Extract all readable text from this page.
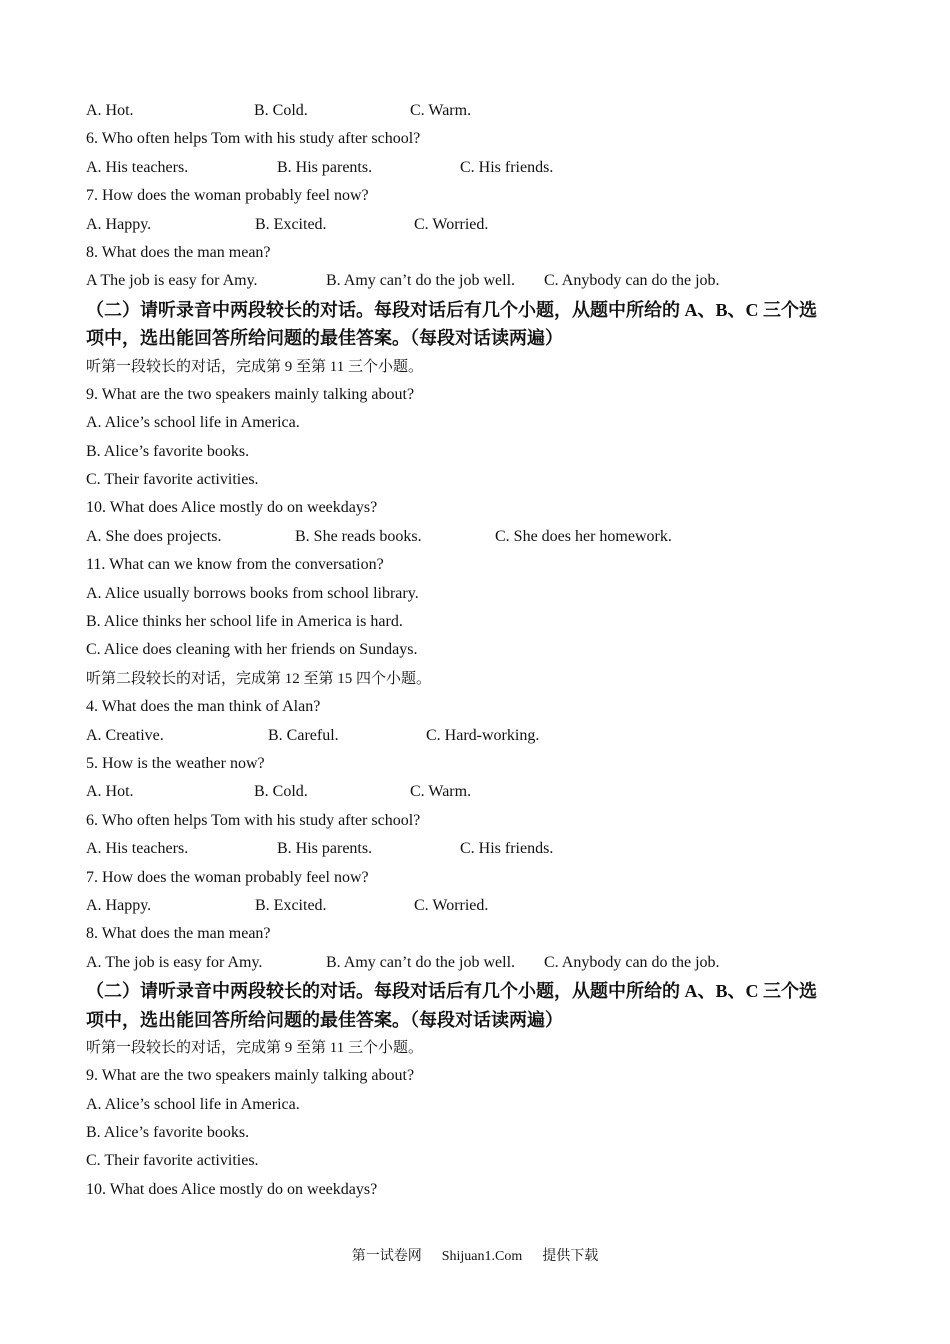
A. Hot.	B. Cold.	C. Warm.
6. Who often helps Tom with his study after school?
A. His teachers.	B. His parents.	C. His friends.
7. How does the woman probably feel now?
A. Happy.	B. Excited.	C. Worried.
8. What does the man mean?
A The job is easy for Amy.	B. Amy can’t do the job well. C. Anybody can do the job.
（二）请听录音中两段较长的对话。每段对话后有几个小题，从题中所给的 A、B、C 三个选
项中，选出能回答所给问题的最佳答案。（每段对话读两遍）
听第一段较长的对话，完成第 9 至第 11 三个小题。
9. What are the two speakers mainly talking about?
A. Alice’s school life in America.
B. Alice’s favorite books.
C. Their favorite activities.
10. What does Alice mostly do on weekdays?
A. She does projects.	B. She reads books.	C. She does her homework.
11. What can we know from the conversation?
A. Alice usually borrows books from school library.
B. Alice thinks her school life in America is hard.
C. Alice does cleaning with her friends on Sundays.
听第二段较长的对话，完成第 12 至第 15 四个小题。
4. What does the man think of Alan?
A. Creative.	B. Careful.	C. Hard-working.
5. How is the weather now?
A. Hot.	B. Cold.	C. Warm.
6. Who often helps Tom with his study after school?
A. His teachers.	B. His parents.	C. His friends.
7. How does the woman probably feel now?
A. Happy.	B. Excited.	C. Worried.
8. What does the man mean?
A. The job is easy for Amy.	B. Amy can’t do the job well. C. Anybody can do the job.
（二）请听录音中两段较长的对话。每段对话后有几个小题，从题中所给的 A、B、C 三个选
项中，选出能回答所给问题的最佳答案。（每段对话读两遍）
听第一段较长的对话，完成第 9 至第 11 三个小题。
9. What are the two speakers mainly talking about?
A. Alice’s school life in America.
B. Alice’s favorite books.
C. Their favorite activities.
10. What does Alice mostly do on weekdays?
第一试卷网 Shijuan1.Com 提供下载
